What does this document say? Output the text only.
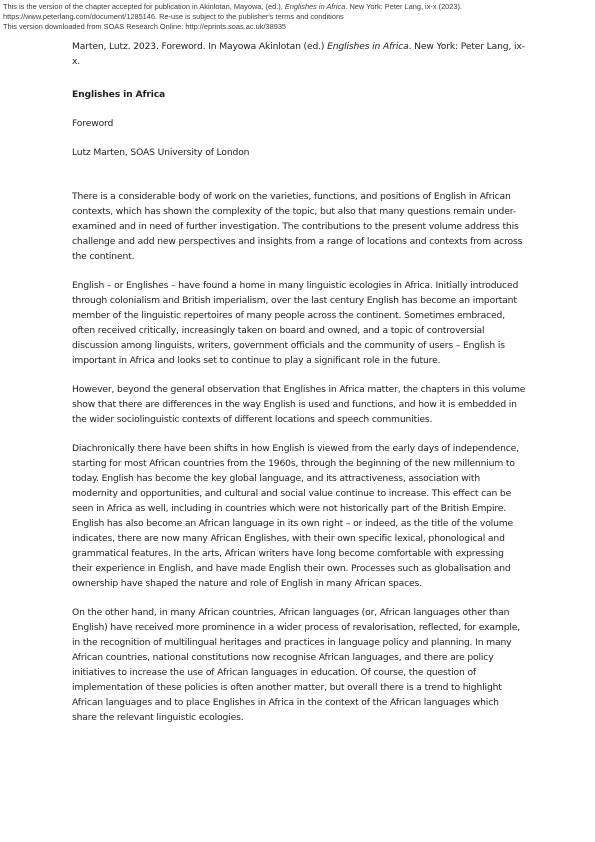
This is the version of the chapter accepted for publication in Akinlotan, Mayowa, (ed.), Englishes in Africa. New York: Peter Lang, ix-x (2023).
https://www.peterlang.com/document/1285146. Re-use is subject to the publisher's terms and conditions
This version downloaded from SOAS Research Online: http://eprints.soas.ac.uk/38935

Marten, Lutz. 2023. Foreword. In Mayowa Akinlotan (ed.) Englishes in Africa. New York: Peter Lang, ix-x.

Englishes in Africa

Foreword

Lutz Marten, SOAS University of London

There is a considerable body of work on the varieties, functions, and positions of English in African contexts, which has shown the complexity of the topic, but also that many questions remain under-examined and in need of further investigation. The contributions to the present volume address this challenge and add new perspectives and insights from a range of locations and contexts from across the continent.

English – or Englishes – have found a home in many linguistic ecologies in Africa. Initially introduced through colonialism and British imperialism, over the last century English has become an important member of the linguistic repertoires of many people across the continent. Sometimes embraced, often received critically, increasingly taken on board and owned, and a topic of controversial discussion among linguists, writers, government officials and the community of users – English is important in Africa and looks set to continue to play a significant role in the future.

However, beyond the general observation that Englishes in Africa matter, the chapters in this volume show that there are differences in the way English is used and functions, and how it is embedded in the wider sociolinguistic contexts of different locations and speech communities.

Diachronically there have been shifts in how English is viewed from the early days of independence, starting for most African countries from the 1960s, through the beginning of the new millennium to today. English has become the key global language, and its attractiveness, association with modernity and opportunities, and cultural and social value continue to increase. This effect can be seen in Africa as well, including in countries which were not historically part of the British Empire. English has also become an African language in its own right – or indeed, as the title of the volume indicates, there are now many African Englishes, with their own specific lexical, phonological and grammatical features. In the arts, African writers have long become comfortable with expressing their experience in English, and have made English their own. Processes such as globalisation and ownership have shaped the nature and role of English in many African spaces.

On the other hand, in many African countries, African languages (or, African languages other than English) have received more prominence in a wider process of revalorisation, reflected, for example, in the recognition of multilingual heritages and practices in language policy and planning. In many African countries, national constitutions now recognise African languages, and there are policy initiatives to increase the use of African languages in education. Of course, the question of implementation of these policies is often another matter, but overall there is a trend to highlight African languages and to place Englishes in Africa in the context of the African languages which share the relevant linguistic ecologies.
